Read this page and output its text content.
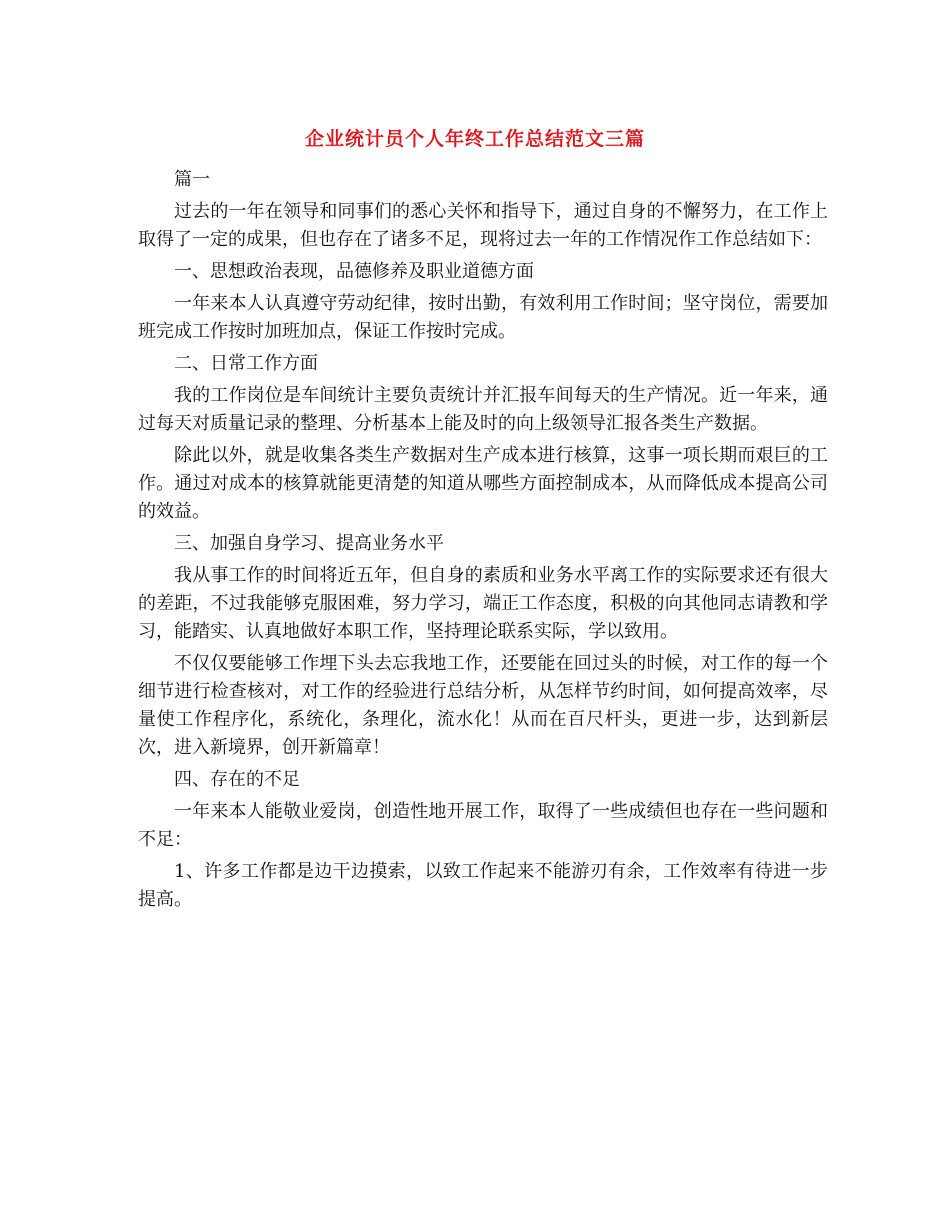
企业统计员个人年终工作总结范文三篇

篇一

过去的一年在领导和同事们的悉心关怀和指导下，通过自身的不懈努力，在工作上取得了一定的成果，但也存在了诸多不足，现将过去一年的工作情况作工作总结如下：

一、思想政治表现，品德修养及职业道德方面

一年来本人认真遵守劳动纪律，按时出勤，有效利用工作时间；坚守岗位，需要加班完成工作按时加班加点，保证工作按时完成。

二、日常工作方面

我的工作岗位是车间统计主要负责统计并汇报车间每天的生产情况。近一年来，通过每天对质量记录的整理、分析基本上能及时的向上级领导汇报各类生产数据。

除此以外，就是收集各类生产数据对生产成本进行核算，这事一项长期而艰巨的工作。通过对成本的核算就能更清楚的知道从哪些方面控制成本，从而降低成本提高公司的效益。

三、加强自身学习、提高业务水平

我从事工作的时间将近五年，但自身的素质和业务水平离工作的实际要求还有很大的差距，不过我能够克服困难，努力学习，端正工作态度，积极的向其他同志请教和学习，能踏实、认真地做好本职工作，坚持理论联系实际，学以致用。

不仅仅要能够工作埋下头去忘我地工作，还要能在回过头的时候，对工作的每一个细节进行检查核对，对工作的经验进行总结分析，从怎样节约时间，如何提高效率，尽量使工作程序化，系统化，条理化，流水化！从而在百尺杆头，更进一步，达到新层次，进入新境界，创开新篇章！

四、存在的不足

一年来本人能敬业爱岗，创造性地开展工作，取得了一些成绩但也存在一些问题和不足：

1、许多工作都是边干边摸索，以致工作起来不能游刃有余，工作效率有待进一步提高。
